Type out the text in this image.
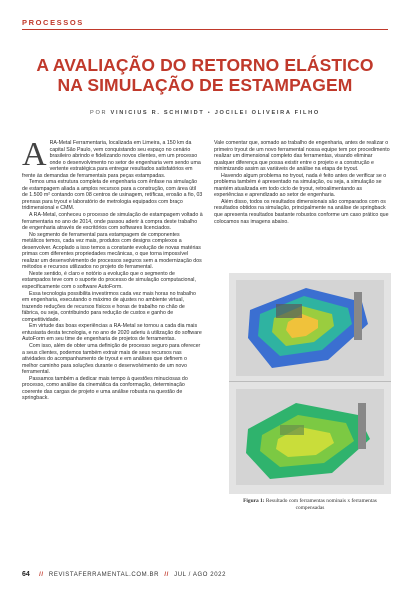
PROCESSOS
A AVALIAÇÃO DO RETORNO ELÁSTICO
NA SIMULAÇÃO DE ESTAMPAGEM
POR VINICIUS R. SCHIMIDT • JOCILEI OLIVEIRA FILHO

ARA-Metal Ferramentaria, localizada em Limeira, a 150 km da capital São Paulo, vem conquistando seu espaço no cenário brasileiro abrindo e fidelizando novos clientes, em um processo onde o desenvolvimento no setor de engenharia vem sendo uma vertente estratégica para entregar resultados satisfatórios em frente às demandas de ferramentais para peças estampadas.

Temos uma estrutura completa de engenharia com ênfase na simulação de estampagem aliada a amplos recursos para a construção, com área útil de 1.500 m² contando com 08 centros de usinagem, retíficas, erosão a fio, 03 prensas para tryout e laboratório de metrologia equipados com braço tridimensional e CMM.

A RA-Metal, conheceu o processo de simulação de estampagem voltado à ferramentaria no ano de 2014, onde passou aderir à compra deste trabalho de engenharia através de escritórios com softwares licenciados.

No segmento de ferramental para estampagem de componentes metálicos temos, cada vez mais, produtos com designs complexos a desenvolver. Acoplado a isso temos a constante evolução de novas matérias primas com diferentes propriedades mecânicas, o que torna impossível realizar um desenvolvimento de processos seguros sem a modernização dos métodos e recursos utilizados no projeto do ferramental.

Neste sentido, é claro e notório a evolução que o segmento de estampados teve com o suporte do processo de simulação computacional, especificamente com o software AutoForm.

Essa tecnologia possibilita investirmos cada vez mais horas no trabalho em engenharia, executando o máximo de ajustes no ambiente virtual, trazendo reduções de recursos físicos e horas de trabalho no chão de fábrica, ou seja, contribuindo para redução de custos e ganho de competitividade.

Em virtude das boas experiências a RA-Metal se tornou a cada dia mais entusiasta desta tecnologia, e no ano de 2020 aderiu à utilização do software AutoForm em seu time de engenharia de projetos de ferramentas.

Com isso, além de obter uma definição de processo seguro para oferecer a seus clientes, podemos também extrair mais de seus recursos nas atividades do acompanhamento de tryout e em análises que definem o melhor caminho para soluções durante o desenvolvimento de um novo ferramental.

Passamos também a dedicar mais tempo à questões minuciosas do processo, como análise da cinemática da conformação, determinação coerente das cargas de projeto e uma análise robusta na questão de springback.

Vale comentar que, somado ao trabalho de engenharia, antes de realizar o primeiro tryout de um novo ferramental nossa equipe tem por procedimento realizar um dimensional completo das ferramentas, visando eliminar qualquer diferença que possa existir entre o projeto e a construção e minimizando assim as variáveis de análise na etapa de tryout.

Havendo algum problema no tryout, nada é feito antes de verificar se o problema também é apresentado na simulação, ou seja, a simulação se mantém atualizada em todo ciclo de tryout, retroalimentando as experiências e aprendizado ao setor de engenharia.

Além disso, todos os resultados dimensionais são comparados com os resultados obtidos na simulação, principalmente na análise de springback que apresenta resultados bastante robustos conforme um caso prático que colocamos nas imagens abaixo.

Figura 1: Resultado com ferramentas nominais x ferramentas compensadas
64 // REVISTAFERRAMENTAL.COM.BR // JUL / AGO 2022
